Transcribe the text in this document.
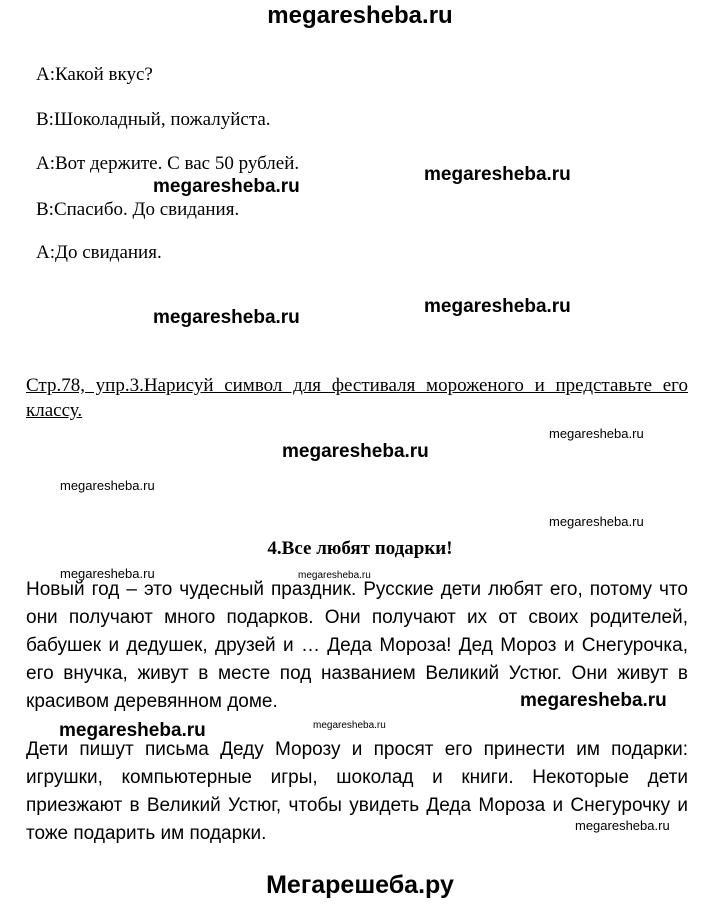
megaresheba.ru
A:Какой вкус?
B:Шоколадный, пожалуйста.
A:Вот держите. С вас 50 рублей.
B:Спасибо. До свидания.
A:До свидания.
Стр.78, упр.3.Нарисуй символ для фестиваля мороженого и представьте его классу.
4.Все любят подарки!
Новый год – это чудесный праздник. Русские дети любят его, потому что они получают много подарков. Они получают их от своих родителей, бабушек и дедушек, друзей и … Деда Мороза! Дед Мороз и Снегурочка, его внучка, живут в месте под названием Великий Устюг. Они живут в красивом деревянном доме.
Дети пишут письма Деду Морозу и просят его принести им подарки: игрушки, компьютерные игры, шоколад и книги. Некоторые дети приезжают в Великий Устюг, чтобы увидеть Деда Мороза и Снегурочку и тоже подарить им подарки.
megaresheba.ru
megaresheba.ru
megaresheba.ru
megaresheba.ru
megaresheba.ru
megaresheba.ru
megaresheba.ru
megaresheba.ru
megaresheba.ru	megaresheba.ru
megaresheba.ru
megaresheba.ru	megaresheba.ru
megaresheba.ru
Мегарешеба.ру
